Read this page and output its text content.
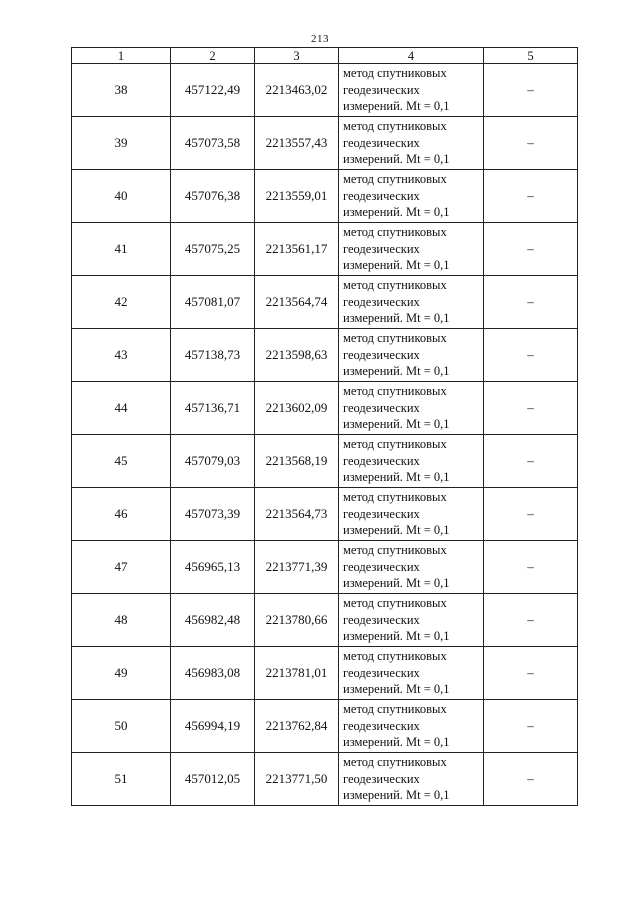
213
1	2	3	4	5
38	457122,49	2213463,02	метод спутниковых
геодезических
измерений. Mt = 0,1	–
39	457073,58	2213557,43	метод спутниковых
геодезических
измерений. Mt = 0,1	–
40	457076,38	2213559,01	метод спутниковых
геодезических
измерений. Mt = 0,1	–
41	457075,25	2213561,17	метод спутниковых
геодезических
измерений. Mt = 0,1	–
42	457081,07	2213564,74	метод спутниковых
геодезических
измерений. Mt = 0,1	–
43	457138,73	2213598,63	метод спутниковых
геодезических
измерений. Mt = 0,1	–
44	457136,71	2213602,09	метод спутниковых
геодезических
измерений. Mt = 0,1	–
45	457079,03	2213568,19	метод спутниковых
геодезических
измерений. Mt = 0,1	–
46	457073,39	2213564,73	метод спутниковых
геодезических
измерений. Mt = 0,1	–
47	456965,13	2213771,39	метод спутниковых
геодезических
измерений. Mt = 0,1	–
48	456982,48	2213780,66	метод спутниковых
геодезических
измерений. Mt = 0,1	–
49	456983,08	2213781,01	метод спутниковых
геодезических
измерений. Mt = 0,1	–
50	456994,19	2213762,84	метод спутниковых
геодезических
измерений. Mt = 0,1	–
51	457012,05	2213771,50	метод спутниковых
геодезических
измерений. Mt = 0,1	–
